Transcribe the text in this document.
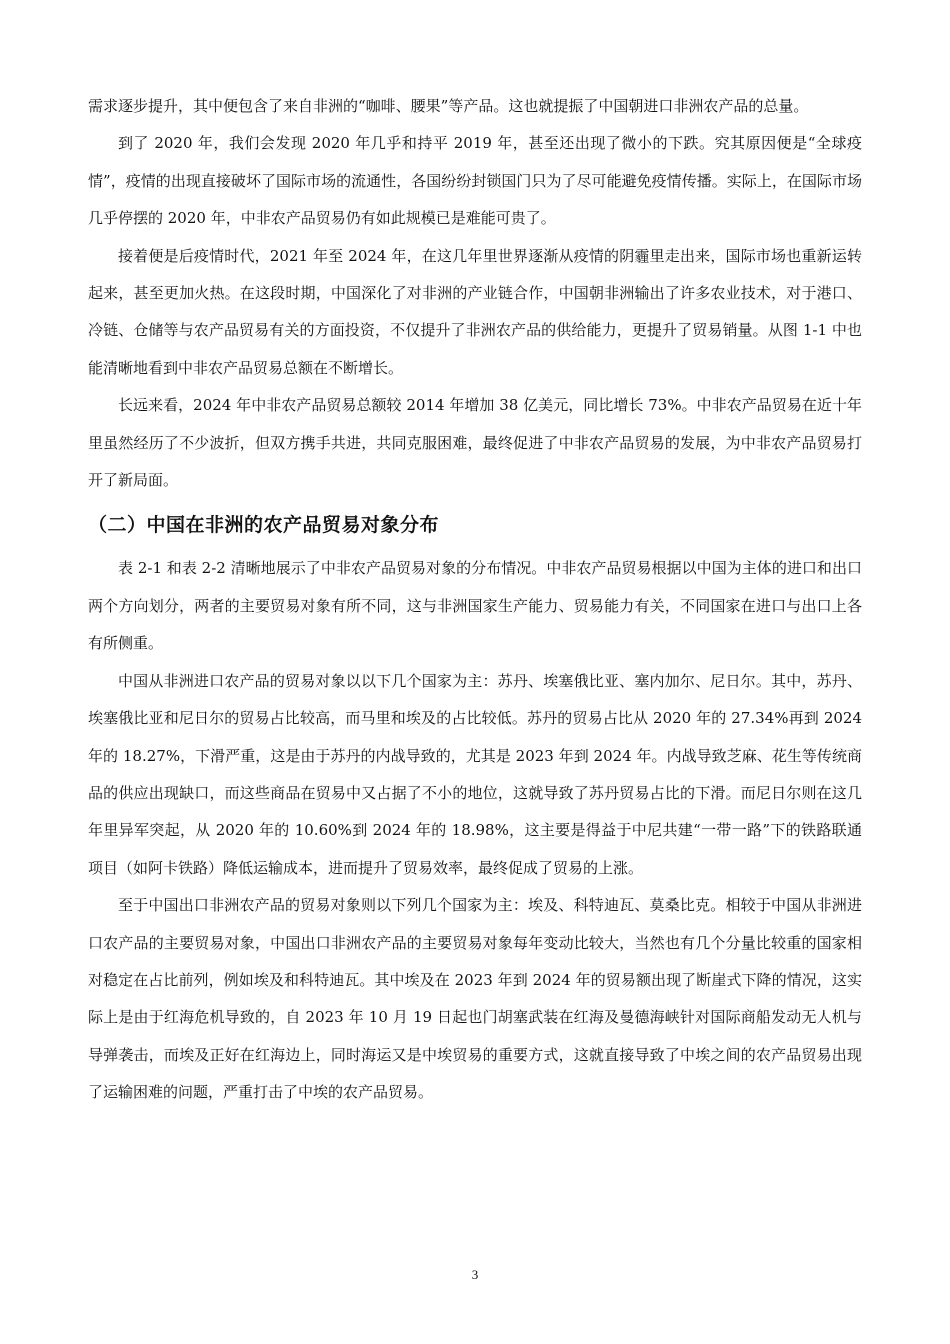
需求逐步提升，其中便包含了来自非洲的“咖啡、腰果”等产品。这也就提振了中国朝进口非洲农产品的总量。

到了 2020 年，我们会发现 2020 年几乎和持平 2019 年，甚至还出现了微小的下跌。究其原因便是“全球疫情”，疫情的出现直接破坏了国际市场的流通性，各国纷纷封锁国门只为了尽可能避免疫情传播。实际上，在国际市场几乎停摆的 2020 年，中非农产品贸易仍有如此规模已是难能可贵了。

接着便是后疫情时代，2021 年至 2024 年，在这几年里世界逐渐从疫情的阴霾里走出来，国际市场也重新运转起来，甚至更加火热。在这段时期，中国深化了对非洲的产业链合作，中国朝非洲输出了许多农业技术，对于港口、冷链、仓储等与农产品贸易有关的方面投资，不仅提升了非洲农产品的供给能力，更提升了贸易销量。从图 1-1 中也能清晰地看到中非农产品贸易总额在不断增长。

长远来看，2024 年中非农产品贸易总额较 2014 年增加 38 亿美元，同比增长 73%。中非农产品贸易在近十年里虽然经历了不少波折，但双方携手共进，共同克服困难，最终促进了中非农产品贸易的发展，为中非农产品贸易打开了新局面。

（二）中国在非洲的农产品贸易对象分布

表 2-1 和表 2-2 清晰地展示了中非农产品贸易对象的分布情况。中非农产品贸易根据以中国为主体的进口和出口两个方向划分，两者的主要贸易对象有所不同，这与非洲国家生产能力、贸易能力有关，不同国家在进口与出口上各有所侧重。

中国从非洲进口农产品的贸易对象以以下几个国家为主：苏丹、埃塞俄比亚、塞内加尔、尼日尔。其中，苏丹、埃塞俄比亚和尼日尔的贸易占比较高，而马里和埃及的占比较低。苏丹的贸易占比从 2020 年的 27.34%再到 2024 年的 18.27%，下滑严重，这是由于苏丹的内战导致的，尤其是 2023 年到 2024 年。内战导致芝麻、花生等传统商品的供应出现缺口，而这些商品在贸易中又占据了不小的地位，这就导致了苏丹贸易占比的下滑。而尼日尔则在这几年里异军突起，从 2020 年的 10.60%到 2024 年的 18.98%，这主要是得益于中尼共建“一带一路”下的铁路联通项目（如阿卡铁路）降低运输成本，进而提升了贸易效率，最终促成了贸易的上涨。

至于中国出口非洲农产品的贸易对象则以下列几个国家为主：埃及、科特迪瓦、莫桑比克。相较于中国从非洲进口农产品的主要贸易对象，中国出口非洲农产品的主要贸易对象每年变动比较大，当然也有几个分量比较重的国家相对稳定在占比前列，例如埃及和科特迪瓦。其中埃及在 2023 年到 2024 年的贸易额出现了断崖式下降的情况，这实际上是由于红海危机导致的，自 2023 年 10 月 19 日起也门胡塞武装在红海及曼德海峡针对国际商船发动无人机与导弹袭击，而埃及正好在红海边上，同时海运又是中埃贸易的重要方式，这就直接导致了中埃之间的农产品贸易出现了运输困难的问题，严重打击了中埃的农产品贸易。

3
